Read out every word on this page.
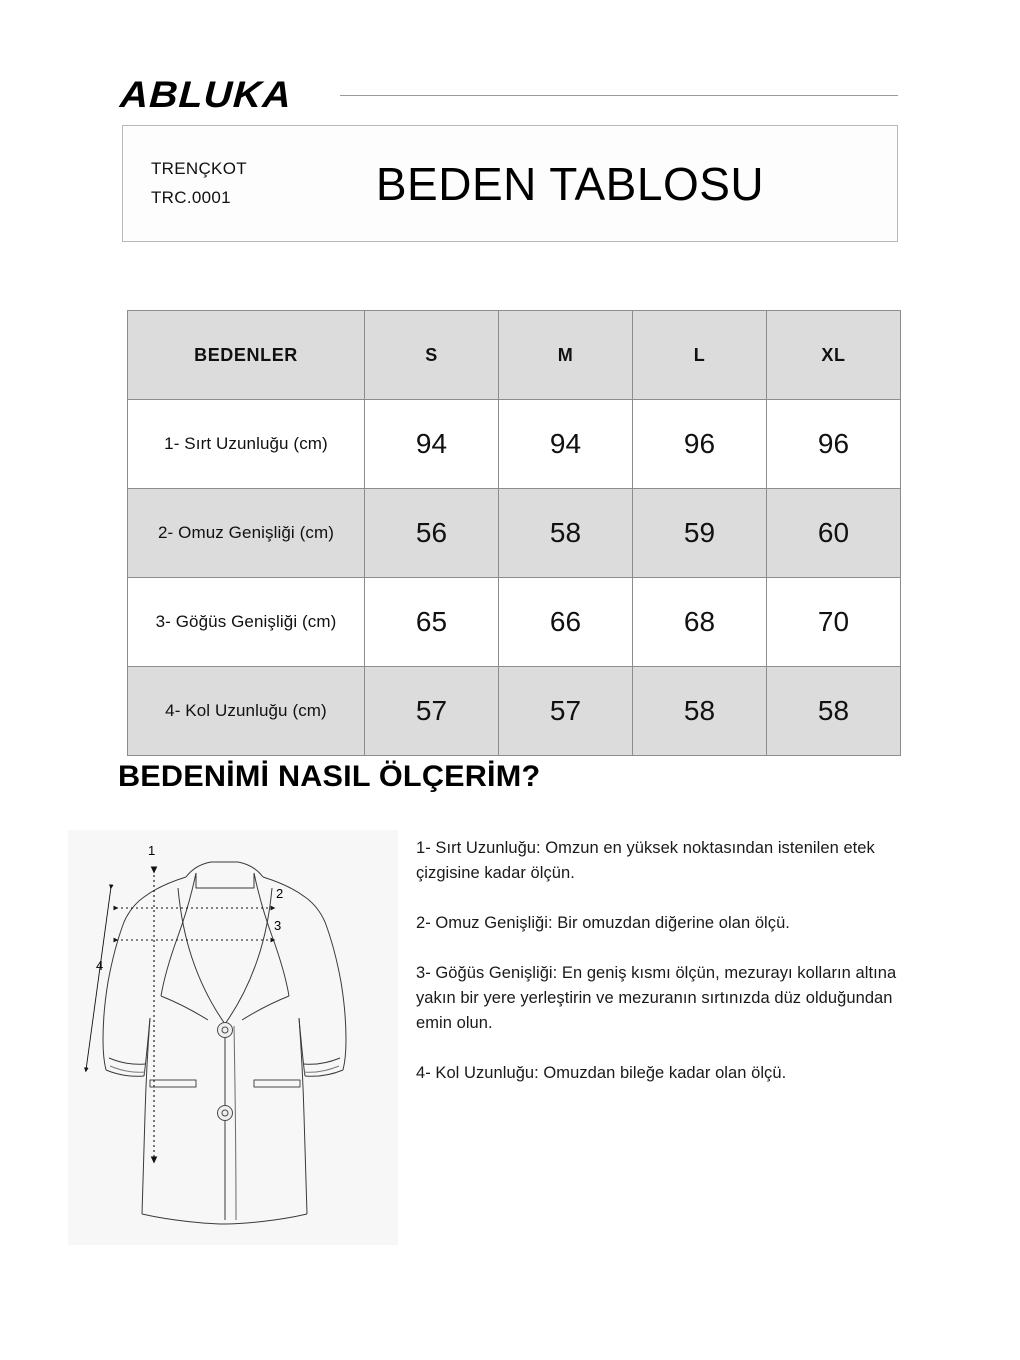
ABLUKA
TRENÇKOT
TRC.0001	BEDEN TABLOSU
BEDENLER	S	M	L	XL
1- Sırt Uzunluğu (cm)	94	94	96	96
2- Omuz Genişliği (cm)	56	58	59	60
3- Göğüs Genişliği (cm)	65	66	68	70
4- Kol Uzunluğu (cm)	57	57	58	58
BEDENİMİ NASIL ÖLÇERİM?
1
2
3
4

1- Sırt Uzunluğu: Omzun en yüksek noktasından istenilen etek çizgisine kadar ölçün.

2- Omuz Genişliği: Bir omuzdan diğerine olan ölçü.

3- Göğüs Genişliği: En geniş kısmı ölçün, mezurayı kolların altına yakın bir yere yerleştirin ve mezuranın sırtınızda düz olduğundan emin olun.

4- Kol Uzunluğu: Omuzdan bileğe kadar olan ölçü.
